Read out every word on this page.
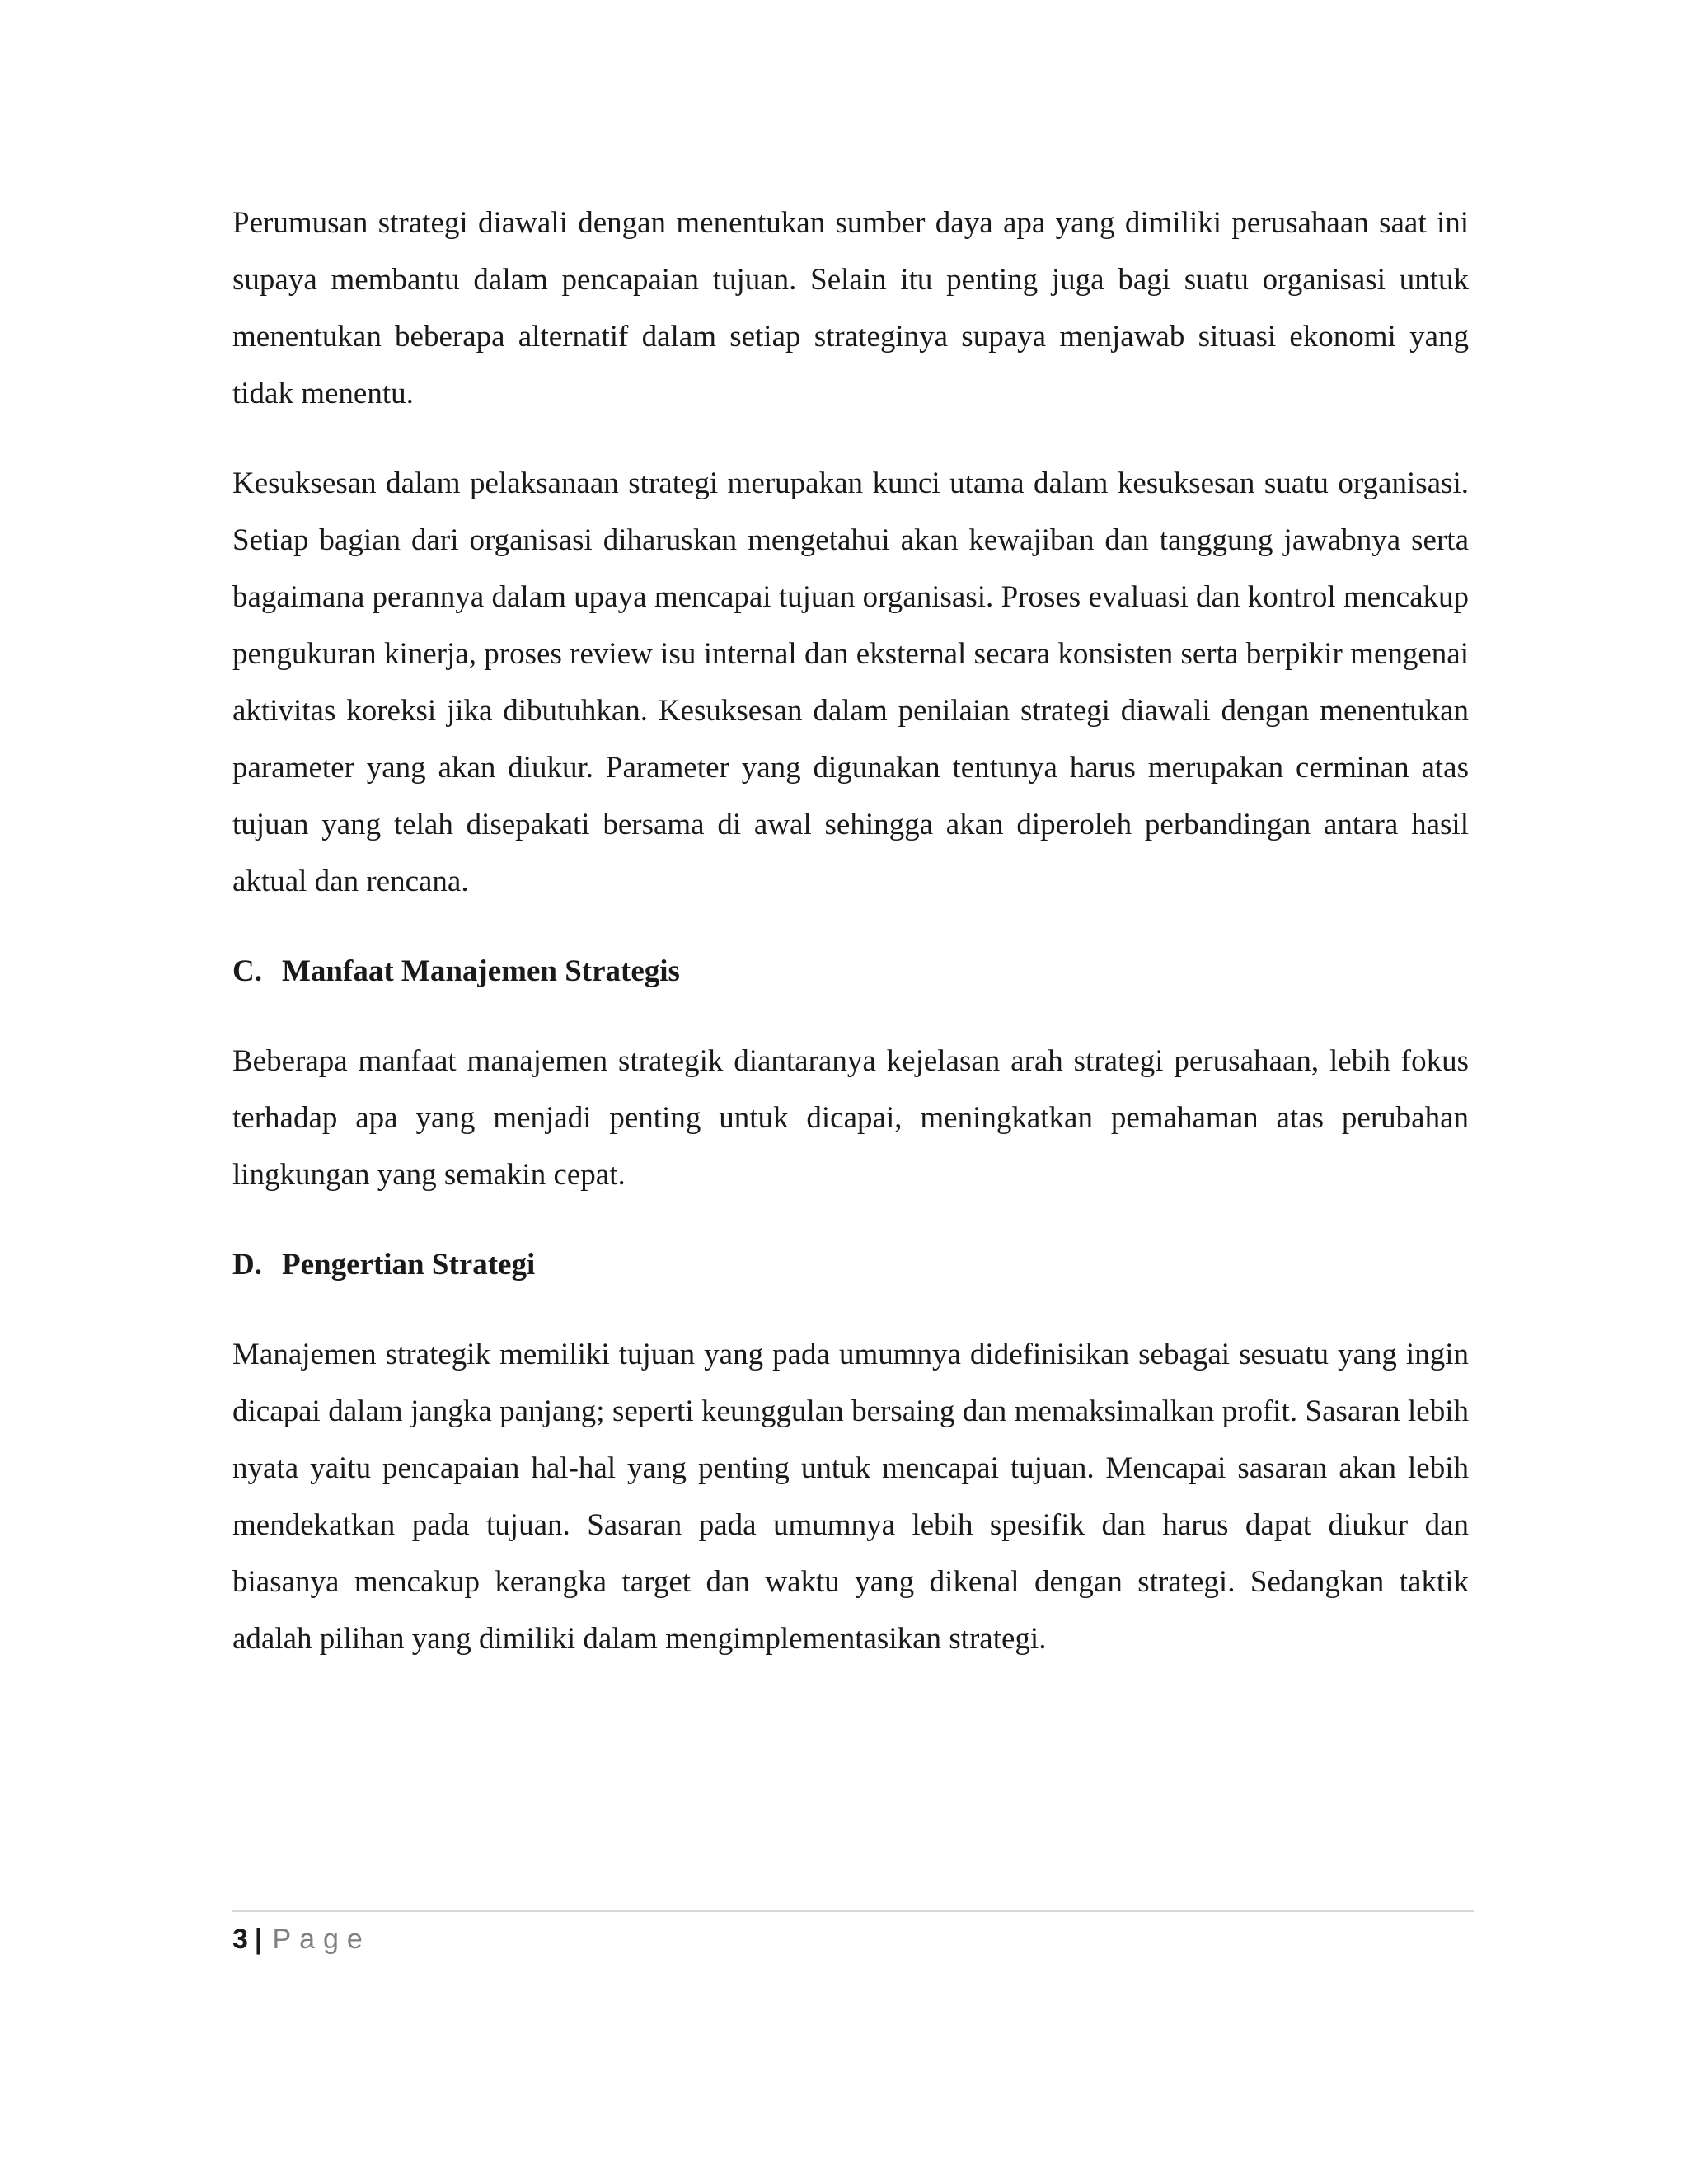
Perumusan strategi diawali dengan menentukan sumber daya apa yang dimiliki perusahaan saat ini supaya membantu dalam pencapaian tujuan. Selain itu penting juga bagi suatu organisasi untuk menentukan beberapa alternatif dalam setiap strateginya supaya menjawab situasi ekonomi yang tidak menentu.

Kesuksesan dalam pelaksanaan strategi merupakan kunci utama dalam kesuksesan suatu organisasi. Setiap bagian dari organisasi diharuskan mengetahui akan kewajiban dan tanggung jawabnya serta bagaimana perannya dalam upaya mencapai tujuan organisasi. Proses evaluasi dan kontrol mencakup pengukuran kinerja, proses review isu internal dan eksternal secara konsisten serta berpikir mengenai aktivitas koreksi jika dibutuhkan. Kesuksesan dalam penilaian strategi diawali dengan menentukan parameter yang akan diukur. Parameter yang digunakan tentunya harus merupakan cerminan atas tujuan yang telah disepakati bersama di awal sehingga akan diperoleh perbandingan antara hasil aktual dan rencana.

C. Manfaat Manajemen Strategis

Beberapa manfaat manajemen strategik diantaranya kejelasan arah strategi perusahaan, lebih fokus terhadap apa yang menjadi penting untuk dicapai, meningkatkan pemahaman atas perubahan lingkungan yang semakin cepat.

D. Pengertian Strategi

Manajemen strategik memiliki tujuan yang pada umumnya didefinisikan sebagai sesuatu yang ingin dicapai dalam jangka panjang; seperti keunggulan bersaing dan memaksimalkan profit. Sasaran lebih nyata yaitu pencapaian hal-hal yang penting untuk mencapai tujuan. Mencapai sasaran akan lebih mendekatkan pada tujuan. Sasaran pada umumnya lebih spesifik dan harus dapat diukur dan biasanya mencakup kerangka target dan waktu yang dikenal dengan strategi. Sedangkan taktik adalah pilihan yang dimiliki dalam mengimplementasikan strategi.

3 | Page
